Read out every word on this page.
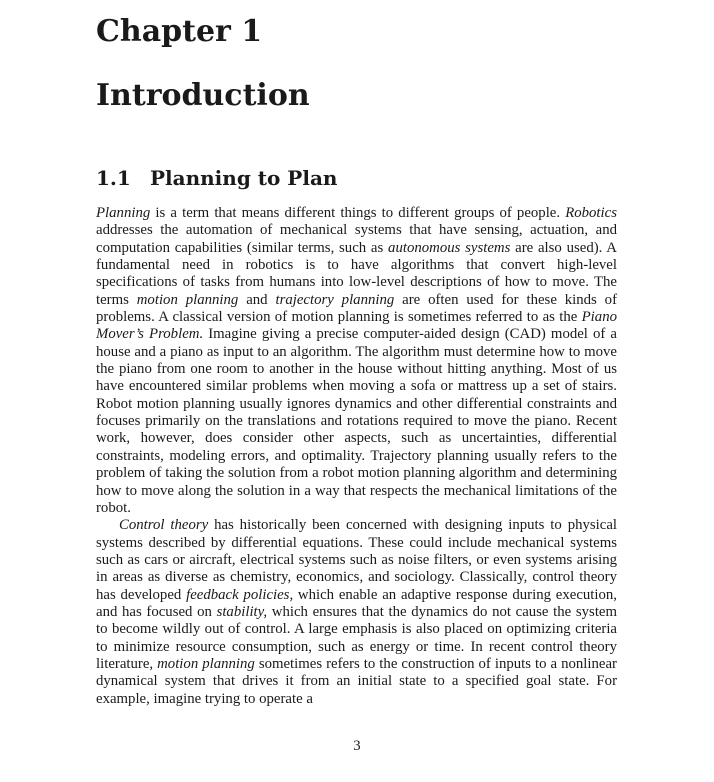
Chapter 1
Introduction
1.1 Planning to Plan

Planning is a term that means different things to different groups of people. Robotics addresses the automation of mechanical systems that have sensing, actuation, and computation capabilities (similar terms, such as autonomous systems are also used). A fundamental need in robotics is to have algorithms that convert high-level specifications of tasks from humans into low-level descriptions of how to move. The terms motion planning and trajectory planning are often used for these kinds of problems. A classical version of motion planning is sometimes referred to as the Piano Mover’s Problem. Imagine giving a precise computer-aided design (CAD) model of a house and a piano as input to an algorithm. The algorithm must determine how to move the piano from one room to another in the house without hitting anything. Most of us have encountered similar problems when moving a sofa or mattress up a set of stairs. Robot motion planning usually ignores dynamics and other differential constraints and focuses primarily on the translations and rotations required to move the piano. Recent work, however, does consider other aspects, such as uncertainties, differential constraints, modeling errors, and optimality. Trajectory planning usually refers to the problem of taking the solution from a robot motion planning algorithm and determining how to move along the solution in a way that respects the mechanical limitations of the robot.

Control theory has historically been concerned with designing inputs to physical systems described by differential equations. These could include mechanical systems such as cars or aircraft, electrical systems such as noise filters, or even systems arising in areas as diverse as chemistry, economics, and sociology. Classically, control theory has developed feedback policies, which enable an adaptive response during execution, and has focused on stability, which ensures that the dynamics do not cause the system to become wildly out of control. A large emphasis is also placed on optimizing criteria to minimize resource consumption, such as energy or time. In recent control theory literature, motion planning sometimes refers to the construction of inputs to a nonlinear dynamical system that drives it from an initial state to a specified goal state. For example, imagine trying to operate a

3
